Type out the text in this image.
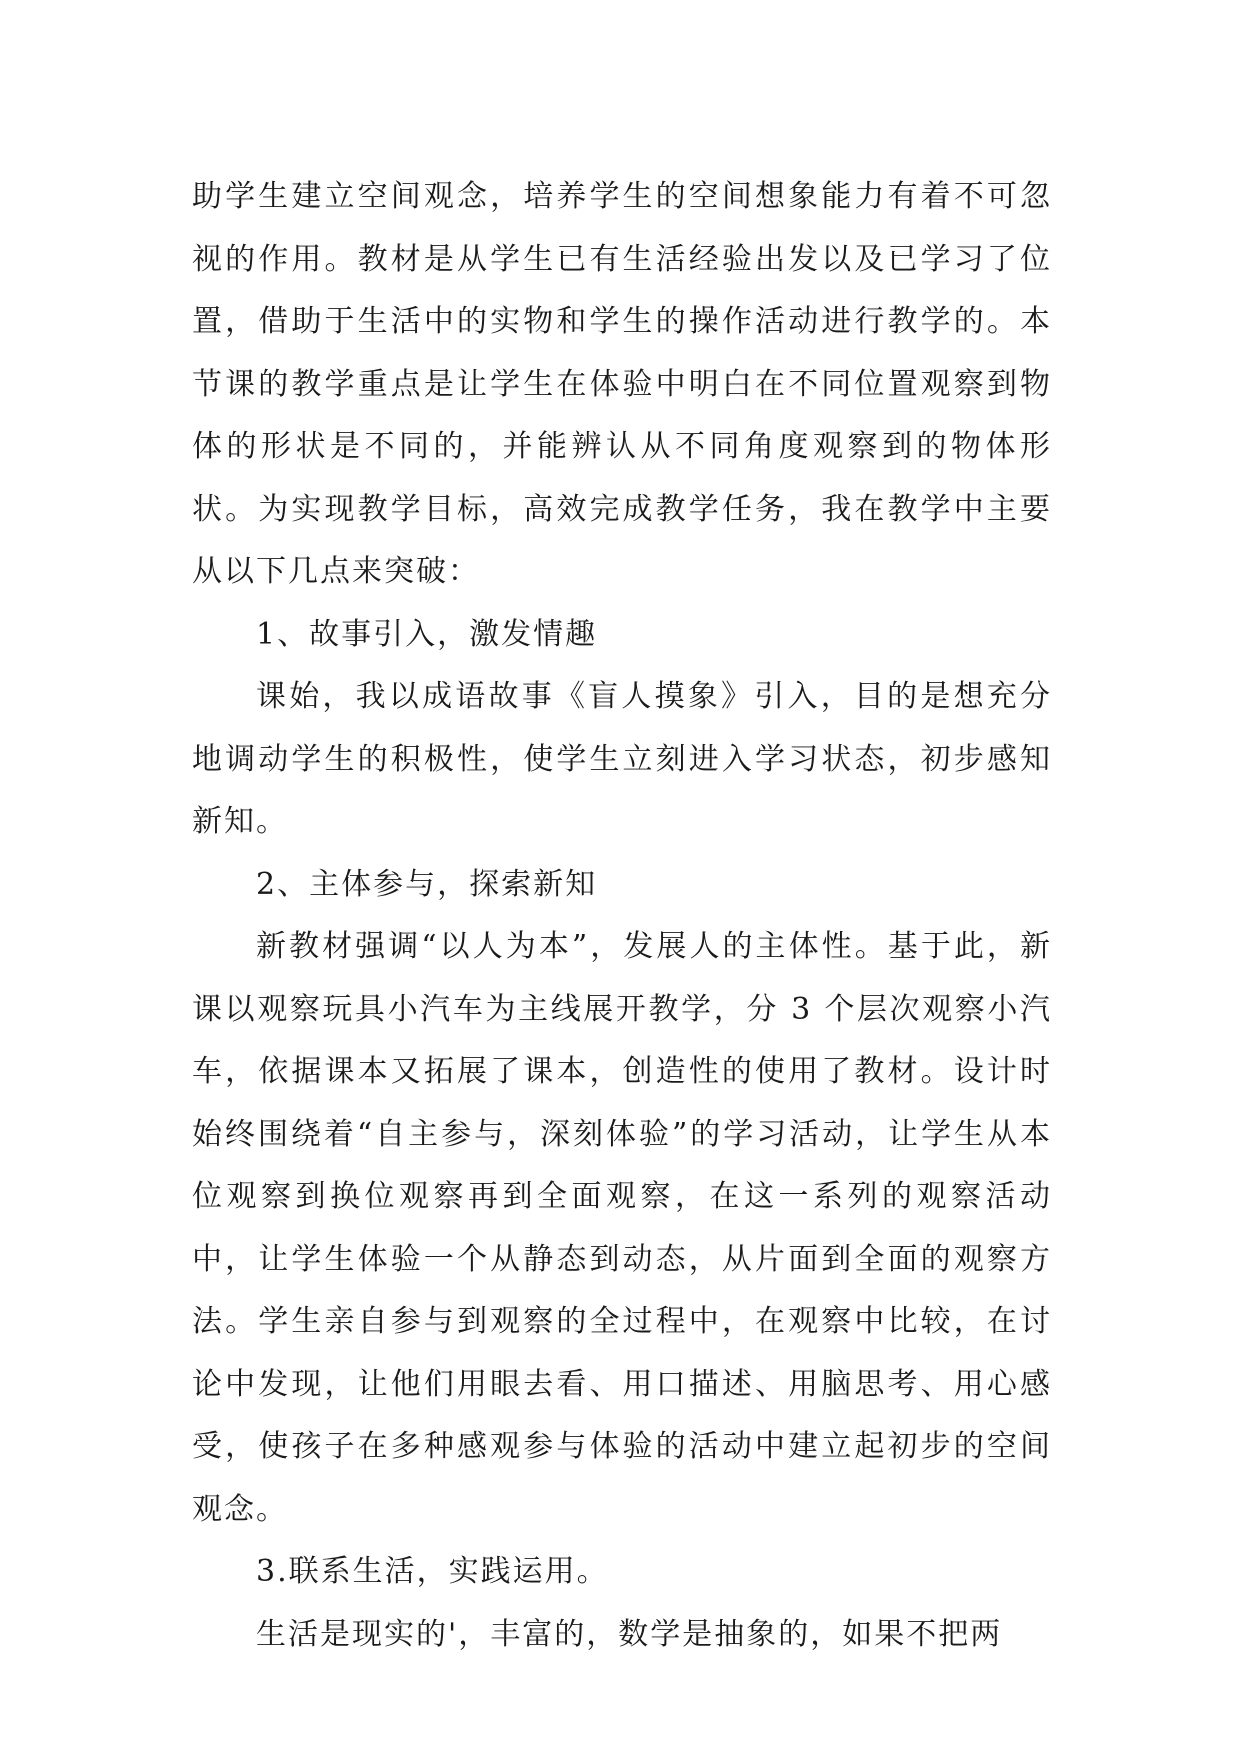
助学生建立空间观念，培养学生的空间想象能力有着不可忽视的作用。教材是从学生已有生活经验出发以及已学习了位置，借助于生活中的实物和学生的操作活动进行教学的。本节课的教学重点是让学生在体验中明白在不同位置观察到物体的形状是不同的，并能辨认从不同角度观察到的物体形状。为实现教学目标，高效完成教学任务，我在教学中主要从以下几点来突破：

1、故事引入，激发情趣

课始，我以成语故事《盲人摸象》引入，目的是想充分地调动学生的积极性，使学生立刻进入学习状态，初步感知新知。

2、主体参与，探索新知

新教材强调“以人为本”，发展人的主体性。基于此，新课以观察玩具小汽车为主线展开教学，分 3 个层次观察小汽车，依据课本又拓展了课本，创造性的使用了教材。设计时始终围绕着“自主参与，深刻体验”的学习活动，让学生从本位观察到换位观察再到全面观察，在这一系列的观察活动中，让学生体验一个从静态到动态，从片面到全面的观察方法。学生亲自参与到观察的全过程中，在观察中比较，在讨论中发现，让他们用眼去看、用口描述、用脑思考、用心感受，使孩子在多种感观参与体验的活动中建立起初步的空间观念。

3.联系生活，实践运用。

生活是现实的'，丰富的，数学是抽象的，如果不把两
